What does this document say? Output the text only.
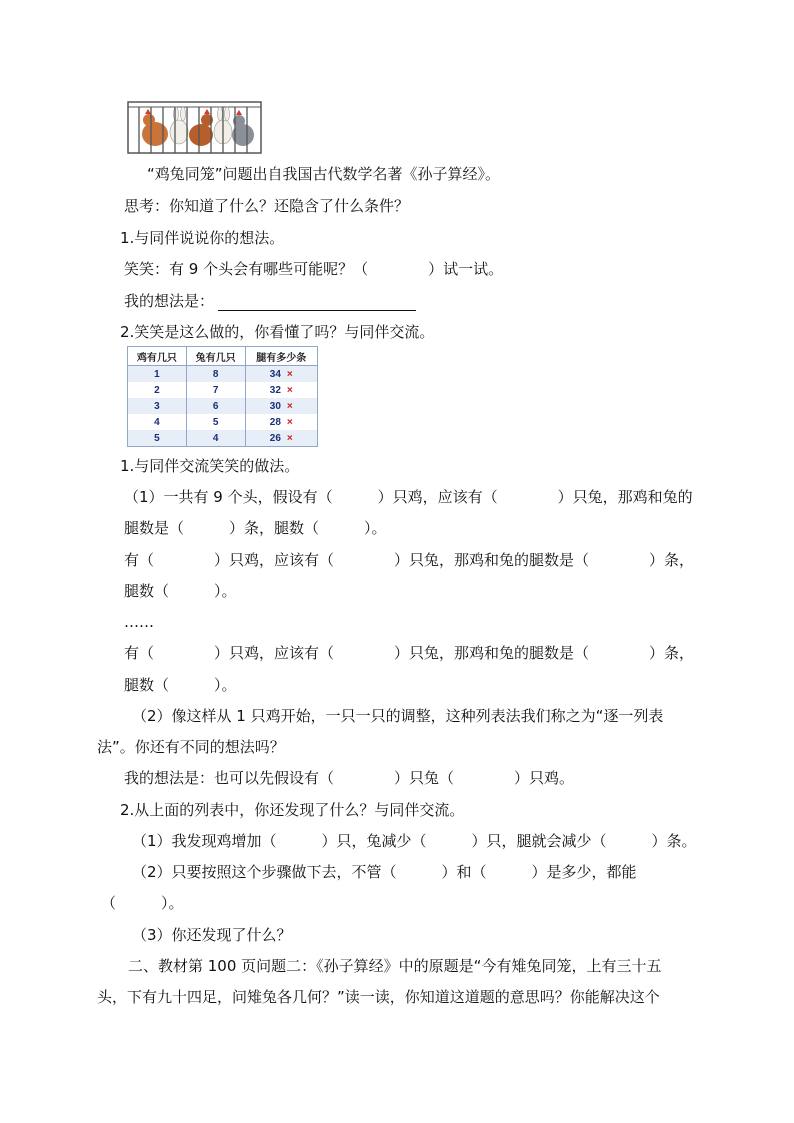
“鸡兔同笼”问题出自我国古代数学名著《孙子算经》。
思考：你知道了什么？还隐含了什么条件？
1.与同伴说说你的想法。
笑笑：有 9 个头会有哪些可能呢？（　　　　）试一试。
我的想法是：
2.笑笑是这么做的，你看懂了吗？与同伴交流。
鸡有几只	兔有几只	腿有多少条
1	8	34 ×
2	7	32 ×
3	6	30 ×
4	5	28 ×
5	4	26 ×
1.与同伴交流笑笑的做法。
（1）一共有 9 个头，假设有（　　　）只鸡，应该有（　　　　）只兔，那鸡和兔的
腿数是（　　　）条，腿数（　　　）。
有（　　　　）只鸡，应该有（　　　　）只兔，那鸡和兔的腿数是（　　　　）条，
腿数（　　　）。
……
有（　　　　）只鸡，应该有（　　　　）只兔，那鸡和兔的腿数是（　　　　）条，
腿数（　　　）。
（2）像这样从 1 只鸡开始，一只一只的调整，这种列表法我们称之为“逐一列表
法”。你还有不同的想法吗？
我的想法是：也可以先假设有（　　　　）只兔（　　　　）只鸡。
2.从上面的列表中，你还发现了什么？与同伴交流。
（1）我发现鸡增加（　　　）只，兔减少（　　　）只，腿就会减少（　　　）条。
（2）只要按照这个步骤做下去，不管（　　　）和（　　　）是多少，都能
（　　　）。
（3）你还发现了什么？
二、教材第 100 页问题二：《孙子算经》中的原题是“今有雉兔同笼，上有三十五
头，下有九十四足，问雉兔各几何？”读一读，你知道这道题的意思吗？你能解决这个
